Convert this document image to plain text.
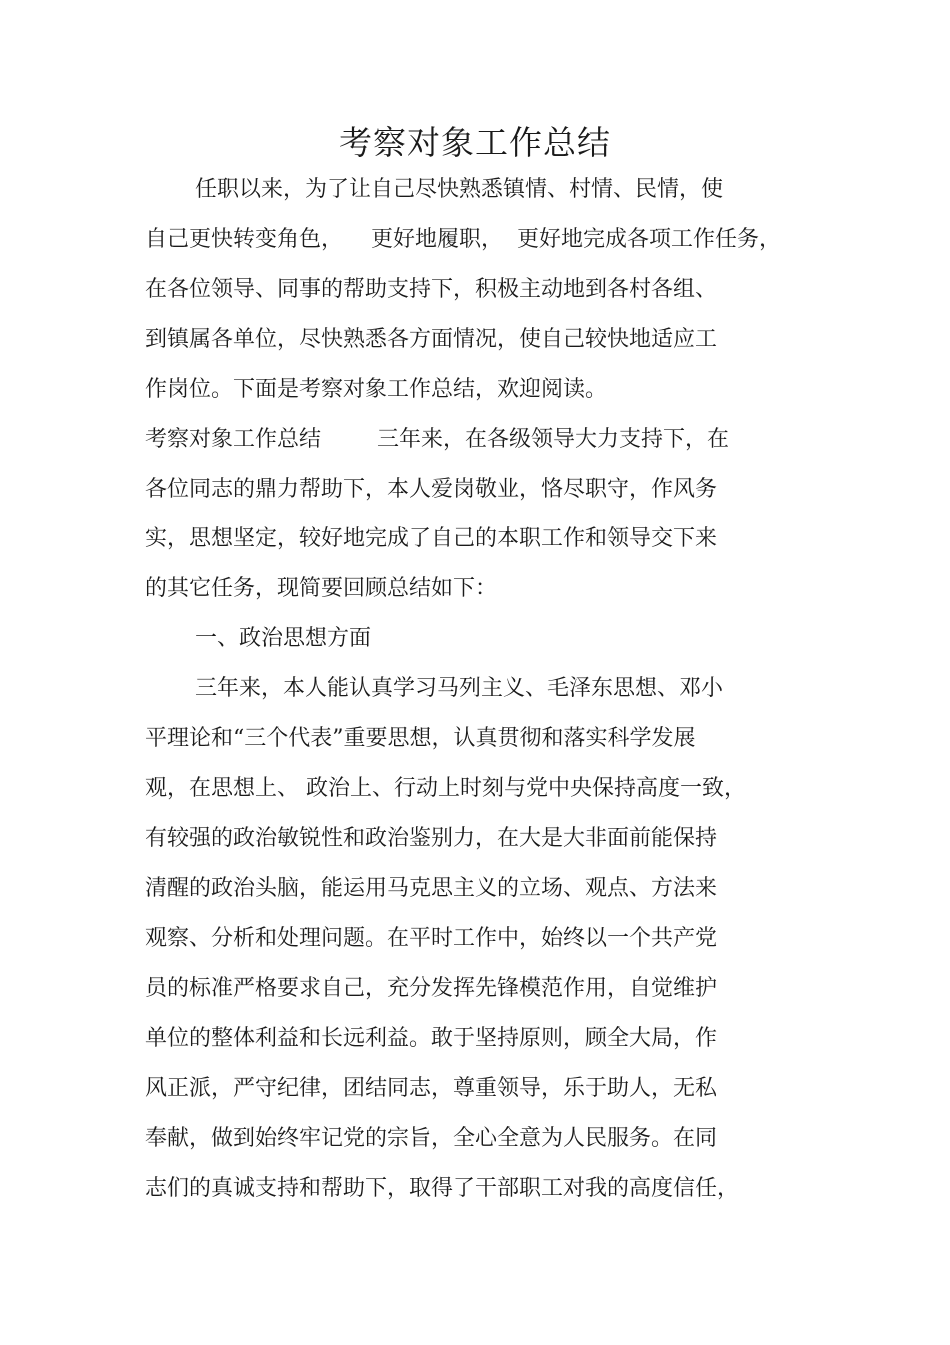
考察对象工作总结

任职以来，为了让自己尽快熟悉镇情、村情、民情，使

自己更快转变角色，    更好地履职，  更好地完成各项工作任务，

在各位领导、同事的帮助支持下，积极主动地到各村各组、

到镇属各单位，尽快熟悉各方面情况，使自己较快地适应工

作岗位。下面是考察对象工作总结，欢迎阅读。

考察对象工作总结        三年来，在各级领导大力支持下，在

各位同志的鼎力帮助下，本人爱岗敬业，恪尽职守，作风务

实，思想坚定，较好地完成了自己的本职工作和领导交下来

的其它任务，现简要回顾总结如下：

一、政治思想方面

三年来，本人能认真学习马列主义、毛泽东思想、邓小

平理论和“三个代表”重要思想，认真贯彻和落实科学发展

观，在思想上、 政治上、行动上时刻与党中央保持高度一致，

有较强的政治敏锐性和政治鉴别力，在大是大非面前能保持

清醒的政治头脑，能运用马克思主义的立场、观点、方法来

观察、分析和处理问题。在平时工作中，始终以一个共产党

员的标准严格要求自己，充分发挥先锋模范作用，自觉维护

单位的整体利益和长远利益。敢于坚持原则，顾全大局，作

风正派，严守纪律，团结同志，尊重领导，乐于助人，无私

奉献，做到始终牢记党的宗旨，全心全意为人民服务。在同

志们的真诚支持和帮助下，取得了干部职工对我的高度信任，
